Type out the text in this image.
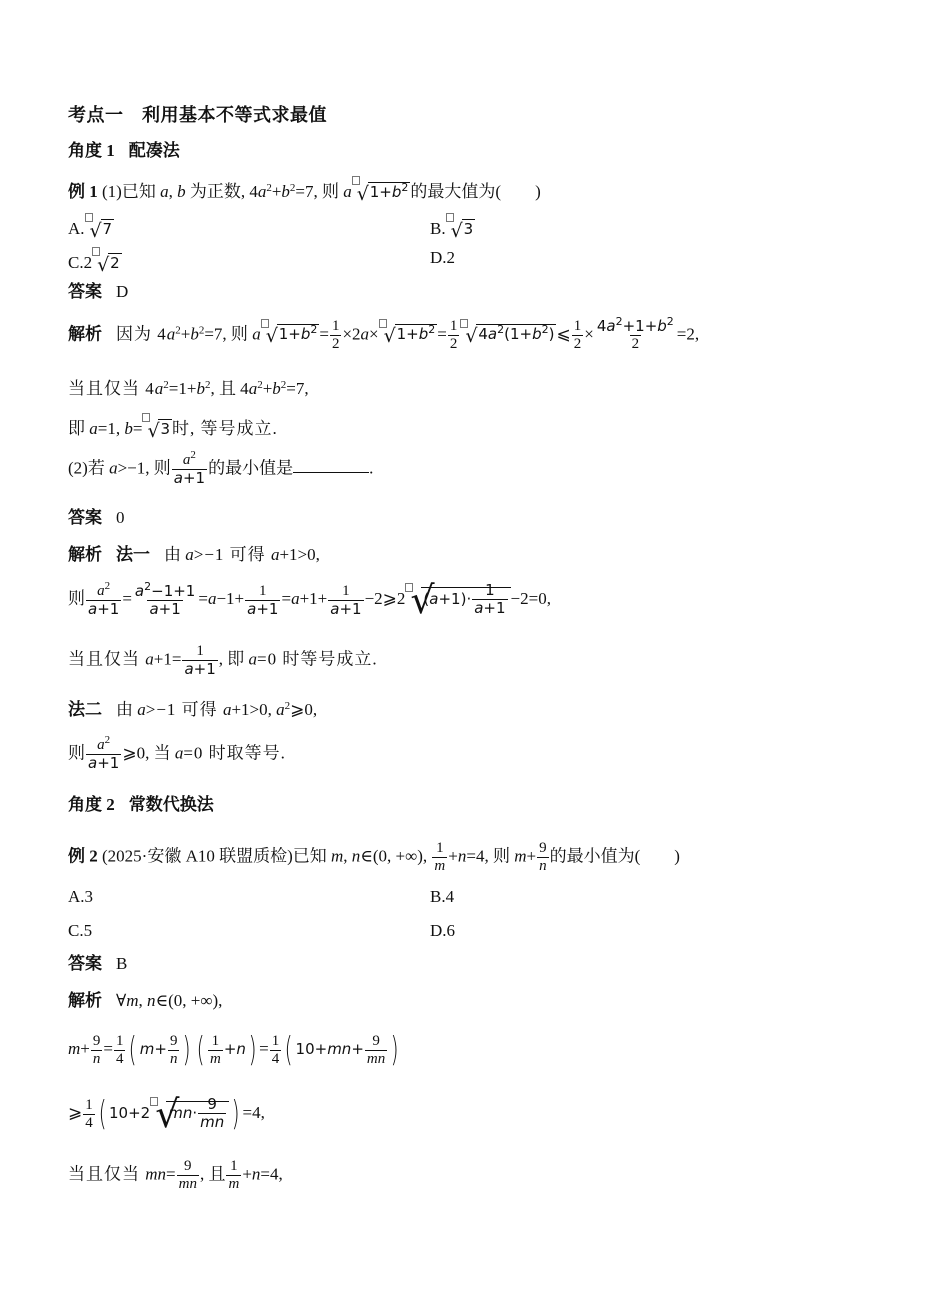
考点一　利用基本不等式求最值
角度 1 配凑法
例 1 (1)已知 a, b 为正数, $4a^2+b^2=7$, 则 a√ $1+b^2$ 的最大值为(　　)
A.√ 7	B.√ 3
C.2√ 2	D.2
答案 D
解析 因为 $4a^2+b^2=7$, 则 a√ $1+b^2 = \frac{1}{2} \times 2a\times√$ $1+b^2 = \frac{1}{2}$
√ $4a^2(1+b^2)$ ⩽ $\frac{1}{2} \times \frac{4a^2+1+b^2}{2} =2$,
当且仅当 $4a^2=1+b^2$, 且 $4a^2+b^2=7$,
即 a=1, b=√ 3 时, 等号成立.
(2)若 a>−1, 则 $\frac{a^2}{a+1}$ 的最小值是	.
答案 0
解析 法一 由 a>−1 可得 a+1>0,
则 $\frac{a^2}{a+1} = \frac{a^2-1+1}{a+1} =a-1+ \frac{1}{a+1} =a+1+ \frac{1}{a+1}$ −2⩾2√ $(a+1)\cdot \frac{1}{a+1} -2=0$,
当且仅当 $a+1= \frac{1}{a+1}$ , 即 a=0 时等号成立.
法二 由 a>−1 可得 a+1>0, $a^2⩾0$,
则 $\frac{a^2}{a+1}$ ⩾0, 当 a=0 时取等号.
角度 2 常数代换法
例 2 (2025·安徽 A10 联盟质检)已知 m, n∈(0, +∞), $\frac{1}{m} +n=4$, 则 $m+ \frac{9}{n}$ 的最小值为(　　)
A.3	B.4
C.5	D.6
答案 B
解析 ∀m, n∈(0, +∞),
$m+ \frac{9}{n} = \frac{1}{4}$ ( $m+ \frac{9}{n}$ ) ( $\frac{1}{m} +n) = \frac{1}{4}$ ( $10+mn+ \frac{9}{mn}$ )
⩾ $\frac{1}{4}$ ( 10+2√ $mn\cdot \frac{9}{mn}$ ) =4,
当且仅当 $mn= \frac{9}{mn}$ , 且 $\frac{1}{m} +n=4$,
